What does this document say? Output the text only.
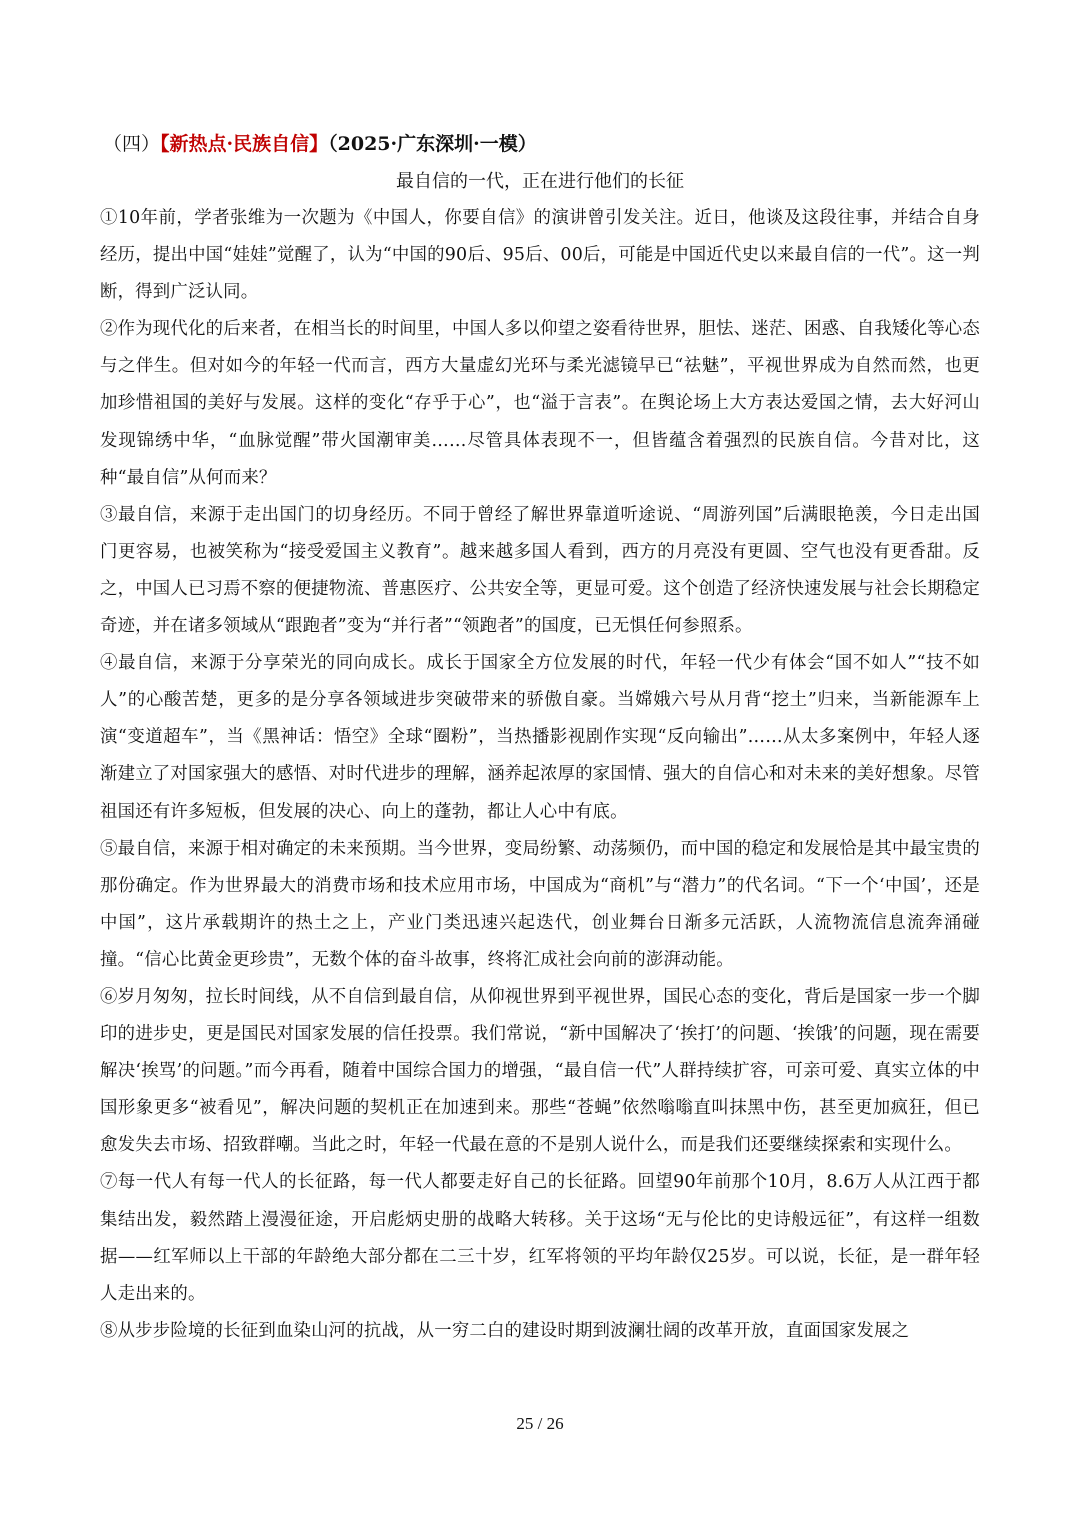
（四）【新热点·民族自信】（2025·广东深圳·一模）
最自信的一代，正在进行他们的长征

①10年前，学者张维为一次题为《中国人，你要自信》的演讲曾引发关注。近日，他谈及这段往事，并结合自身经历，提出中国“娃娃”觉醒了，认为“中国的90后、95后、00后，可能是中国近代史以来最自信的一代”。这一判断，得到广泛认同。

②作为现代化的后来者，在相当长的时间里，中国人多以仰望之姿看待世界，胆怯、迷茫、困惑、自我矮化等心态与之伴生。但对如今的年轻一代而言，西方大量虚幻光环与柔光滤镜早已“祛魅”，平视世界成为自然而然，也更加珍惜祖国的美好与发展。这样的变化“存乎于心”，也“溢于言表”。在舆论场上大方表达爱国之情，去大好河山发现锦绣中华，“血脉觉醒”带火国潮审美……尽管具体表现不一，但皆蕴含着强烈的民族自信。今昔对比，这种“最自信”从何而来？

③最自信，来源于走出国门的切身经历。不同于曾经了解世界靠道听途说、“周游列国”后满眼艳羡，今日走出国门更容易，也被笑称为“接受爱国主义教育”。越来越多国人看到，西方的月亮没有更圆、空气也没有更香甜。反之，中国人已习焉不察的便捷物流、普惠医疗、公共安全等，更显可爱。这个创造了经济快速发展与社会长期稳定奇迹，并在诸多领域从“跟跑者”变为“并行者”“领跑者”的国度，已无惧任何参照系。

④最自信，来源于分享荣光的同向成长。成长于国家全方位发展的时代，年轻一代少有体会“国不如人”“技不如人”的心酸苦楚，更多的是分享各领域进步突破带来的骄傲自豪。当嫦娥六号从月背“挖土”归来，当新能源车上演“变道超车”，当《黑神话：悟空》全球“圈粉”，当热播影视剧作实现“反向输出”……从太多案例中，年轻人逐渐建立了对国家强大的感悟、对时代进步的理解，涵养起浓厚的家国情、强大的自信心和对未来的美好想象。尽管祖国还有许多短板，但发展的决心、向上的蓬勃，都让人心中有底。

⑤最自信，来源于相对确定的未来预期。当今世界，变局纷繁、动荡频仍，而中国的稳定和发展恰是其中最宝贵的那份确定。作为世界最大的消费市场和技术应用市场，中国成为“商机”与“潜力”的代名词。“下一个‘中国’，还是中国”，这片承载期许的热土之上，产业门类迅速兴起迭代，创业舞台日渐多元活跃，人流物流信息流奔涌碰撞。“信心比黄金更珍贵”，无数个体的奋斗故事，终将汇成社会向前的澎湃动能。

⑥岁月匆匆，拉长时间线，从不自信到最自信，从仰视世界到平视世界，国民心态的变化，背后是国家一步一个脚印的进步史，更是国民对国家发展的信任投票。我们常说，“新中国解决了‘挨打’的问题、‘挨饿’的问题，现在需要解决‘挨骂’的问题。”而今再看，随着中国综合国力的增强，“最自信一代”人群持续扩容，可亲可爱、真实立体的中国形象更多“被看见”，解决问题的契机正在加速到来。那些“苍蝇”依然嗡嗡直叫抹黑中伤，甚至更加疯狂，但已愈发失去市场、招致群嘲。当此之时，年轻一代最在意的不是别人说什么，而是我们还要继续探索和实现什么。

⑦每一代人有每一代人的长征路，每一代人都要走好自己的长征路。回望90年前那个10月，8.6万人从江西于都集结出发，毅然踏上漫漫征途，开启彪炳史册的战略大转移。关于这场“无与伦比的史诗般远征”，有这样一组数据——红军师以上干部的年龄绝大部分都在二三十岁，红军将领的平均年龄仅25岁。可以说，长征，是一群年轻人走出来的。

⑧从步步险境的长征到血染山河的抗战，从一穷二白的建设时期到波澜壮阔的改革开放，直面国家发展之

25 / 26
